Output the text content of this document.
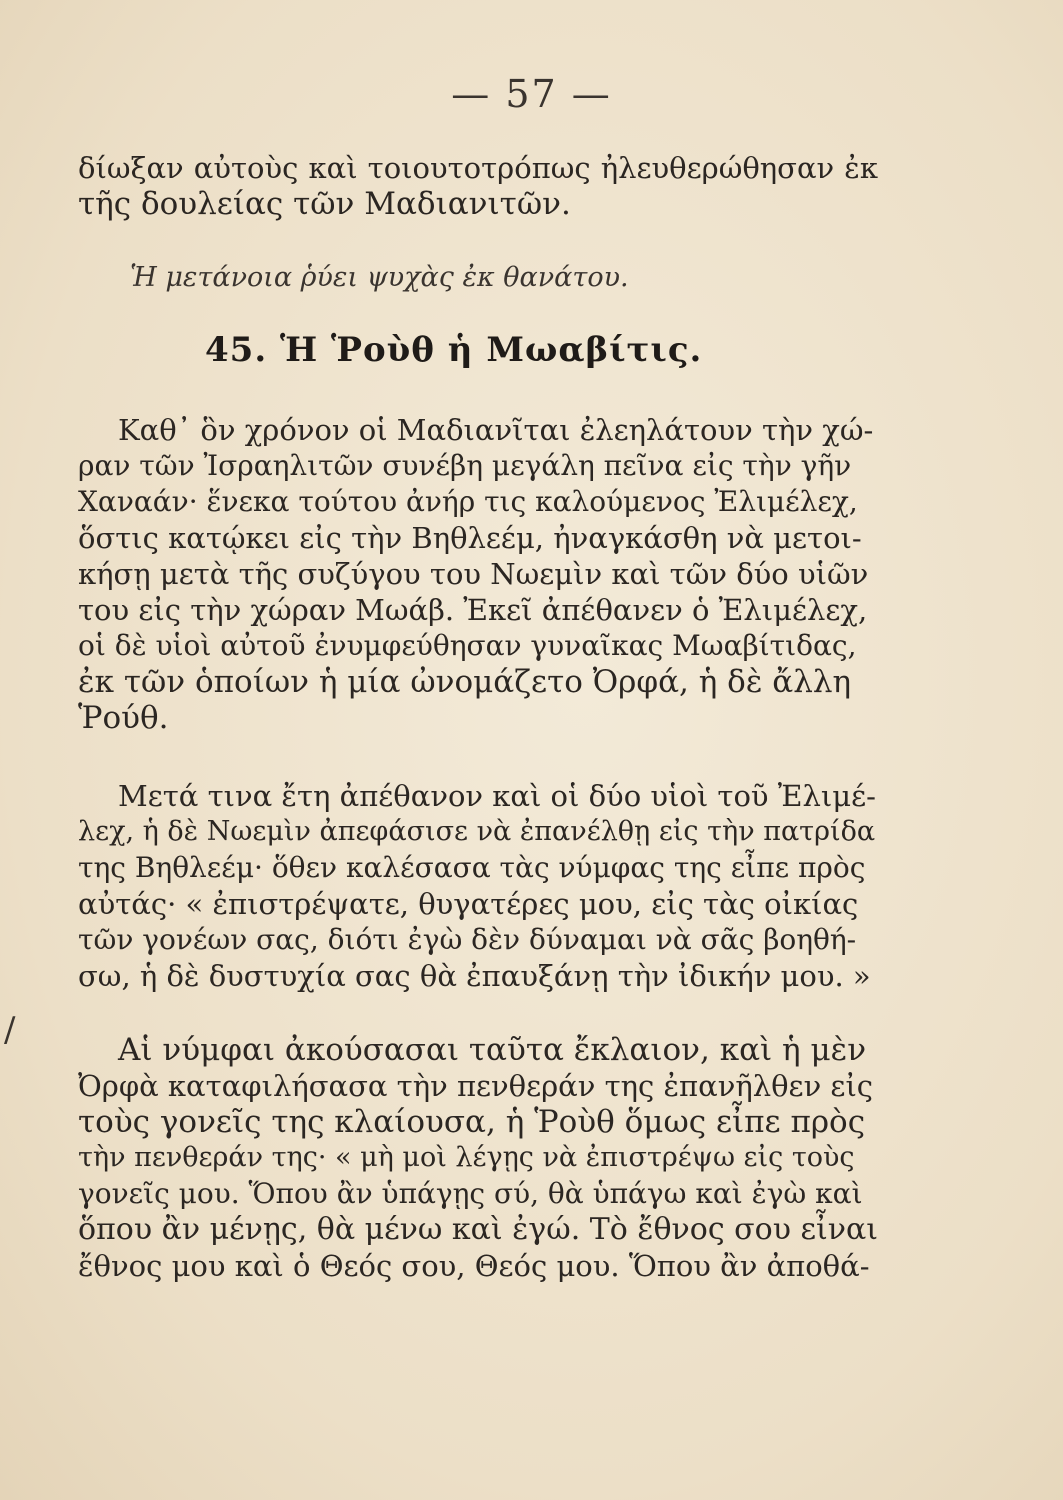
— 57 —

δίωξαν αὐτοὺς καὶ τοιουτοτρόπως ἠλευθερώθησαν ἐκ
τῆς δουλείας τῶν Μαδιανιτῶν.

Ἡ μετάνοια ῥύει ψυχὰς ἐκ θανάτου.
45. Ἡ Ῥοὺθ ἡ Μωαβίτις.

Καθ᾽ ὃν χρόνον οἱ Μαδιανῖται ἐλεηλάτουν τὴν χώ-
ραν τῶν Ἰσραηλιτῶν συνέβη μεγάλη πεῖνα εἰς τὴν γῆν
Χαναάν· ἕνεκα τούτου ἀνήρ τις καλούμενος Ἐλιμέλεχ,
ὅστις κατῴκει εἰς τὴν Βηθλεέμ, ἠναγκάσθη νὰ μετοι-
κήσῃ μετὰ τῆς συζύγου του Νωεμὶν καὶ τῶν δύο υἱῶν
του εἰς τὴν χώραν Μωάβ. Ἐκεῖ ἀπέθανεν ὁ Ἐλιμέλεχ,
οἱ δὲ υἱοὶ αὐτοῦ ἐνυμφεύθησαν γυναῖκας Μωαβίτιδας,
ἐκ τῶν ὁποίων ἡ μία ὠνομάζετο Ὀρφά, ἡ δὲ ἄλλη
Ῥούθ.

Μετά τινα ἔτη ἀπέθανον καὶ οἱ δύο υἱοὶ τοῦ Ἐλιμέ-
λεχ, ἡ δὲ Νωεμὶν ἀπεφάσισε νὰ ἐπανέλθῃ εἰς τὴν πατρίδα
της Βηθλεέμ· ὅθεν καλέσασα τὰς νύμφας της εἶπε πρὸς
αὐτάς· « ἐπιστρέψατε, θυγατέρες μου, εἰς τὰς οἰκίας
τῶν γονέων σας, διότι ἐγὼ δὲν δύναμαι νὰ σᾶς βοηθή-
σω, ἡ δὲ δυστυχία σας θὰ ἐπαυξάνῃ τὴν ἰδικήν μου. »

Αἱ νύμφαι ἀκούσασαι ταῦτα ἔκλαιον, καὶ ἡ μὲν
Ὀρφὰ καταφιλήσασα τὴν πενθεράν της ἐπανῆλθεν εἰς
τοὺς γονεῖς της κλαίουσα, ἡ Ῥοὺθ ὅμως εἶπε πρὸς
τὴν πενθεράν της· « μὴ μοὶ λέγῃς νὰ ἐπιστρέψω εἰς τοὺς
γονεῖς μου. Ὅπου ἂν ὑπάγῃς σύ, θὰ ὑπάγω καὶ ἐγὼ καὶ
ὅπου ἂν μένῃς, θὰ μένω καὶ ἐγώ. Τὸ ἔθνος σου εἶναι
ἔθνος μου καὶ ὁ Θεός σου, Θεός μου. Ὅπου ἂν ἀποθά-

/
